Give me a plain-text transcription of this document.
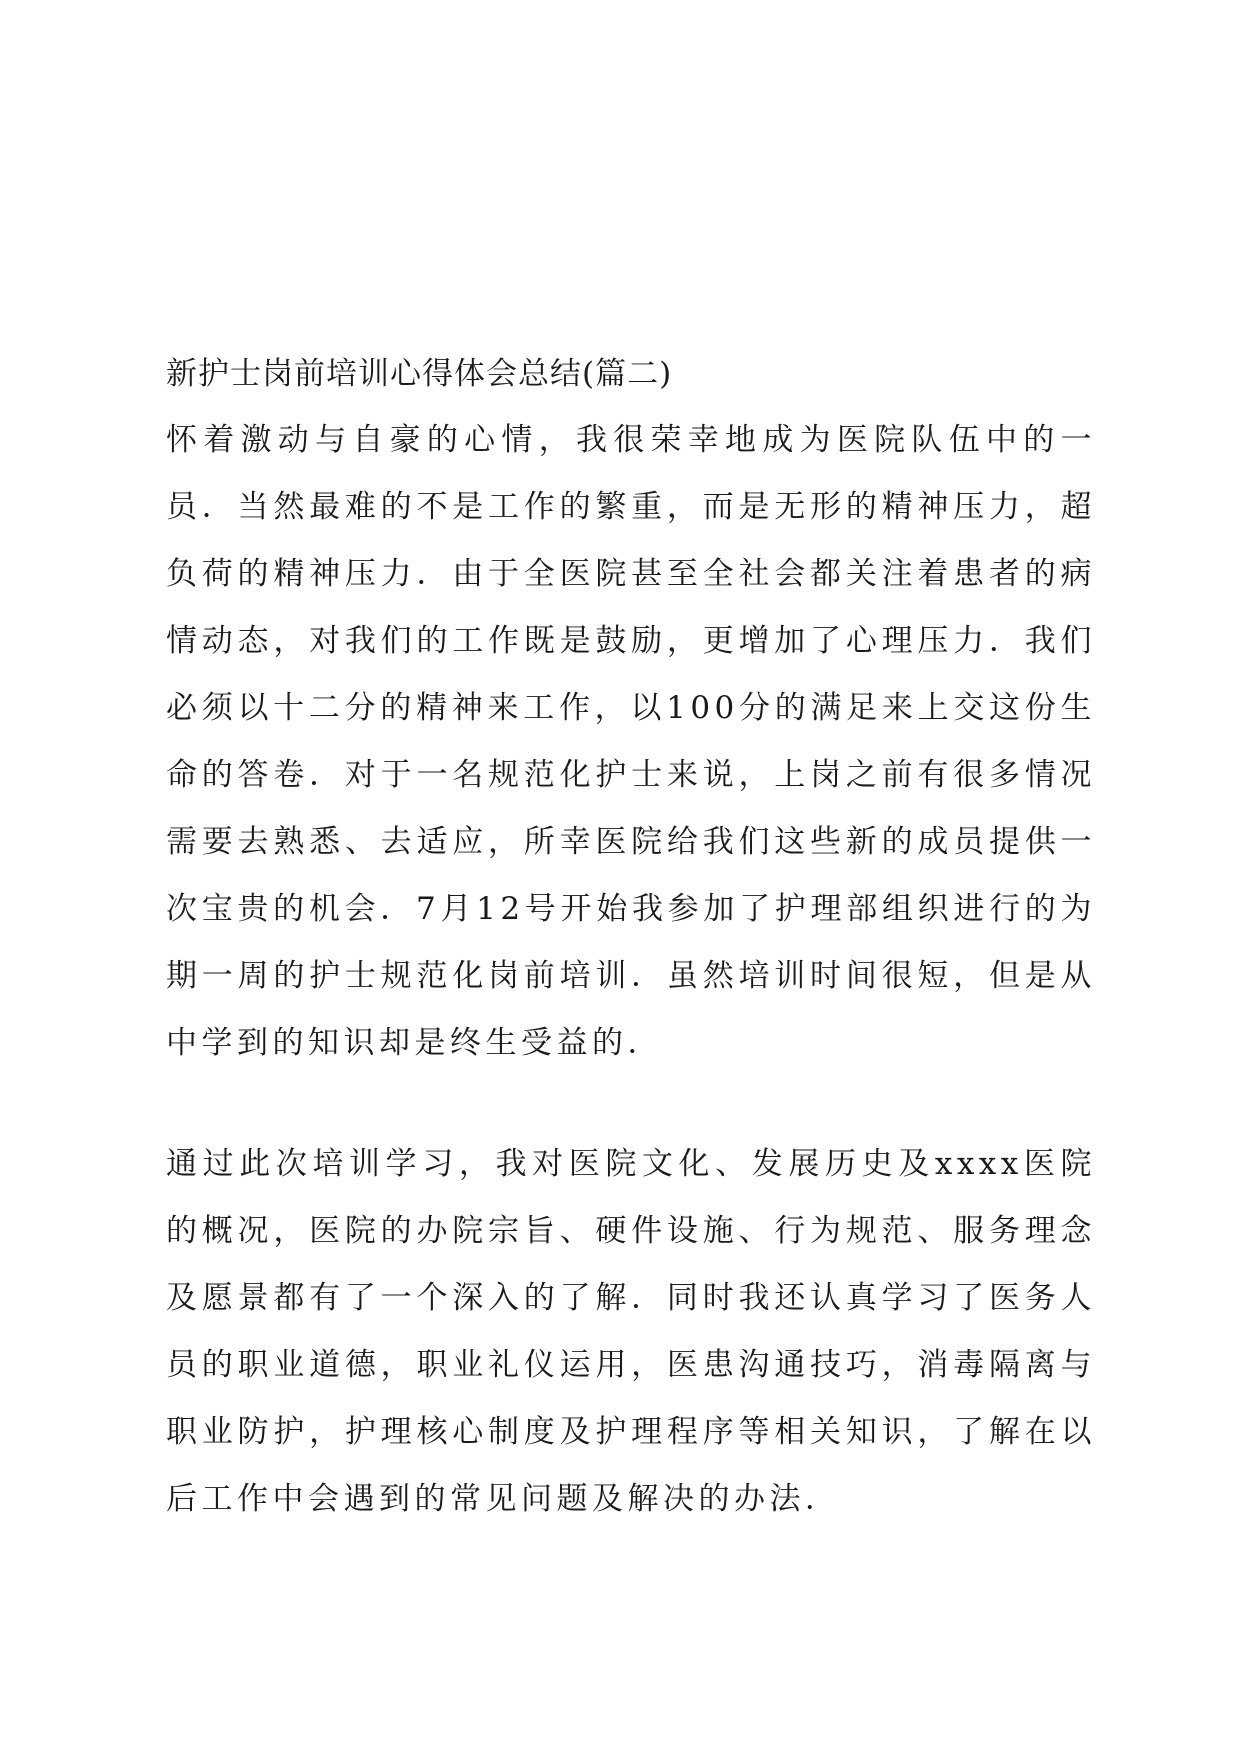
新护士岗前培训心得体会总结(篇二)

怀着激动与自豪的心情，我很荣幸地成为医院队伍中的一员．当然最难的不是工作的繁重，而是无形的精神压力，超负荷的精神压力．由于全医院甚至全社会都关注着患者的病情动态，对我们的工作既是鼓励，更增加了心理压力．我们必须以十二分的精神来工作，以100分的满足来上交这份生命的答卷．对于一名规范化护士来说，上岗之前有很多情况需要去熟悉、去适应，所幸医院给我们这些新的成员提供一次宝贵的机会．7月12号开始我参加了护理部组织进行的为期一周的护士规范化岗前培训．虽然培训时间很短，但是从中学到的知识却是终生受益的．

通过此次培训学习，我对医院文化、发展历史及xxxx医院的概况，医院的办院宗旨、硬件设施、行为规范、服务理念及愿景都有了一个深入的了解．同时我还认真学习了医务人员的职业道德，职业礼仪运用，医患沟通技巧，消毒隔离与职业防护，护理核心制度及护理程序等相关知识，了解在以后工作中会遇到的常见问题及解决的办法．
